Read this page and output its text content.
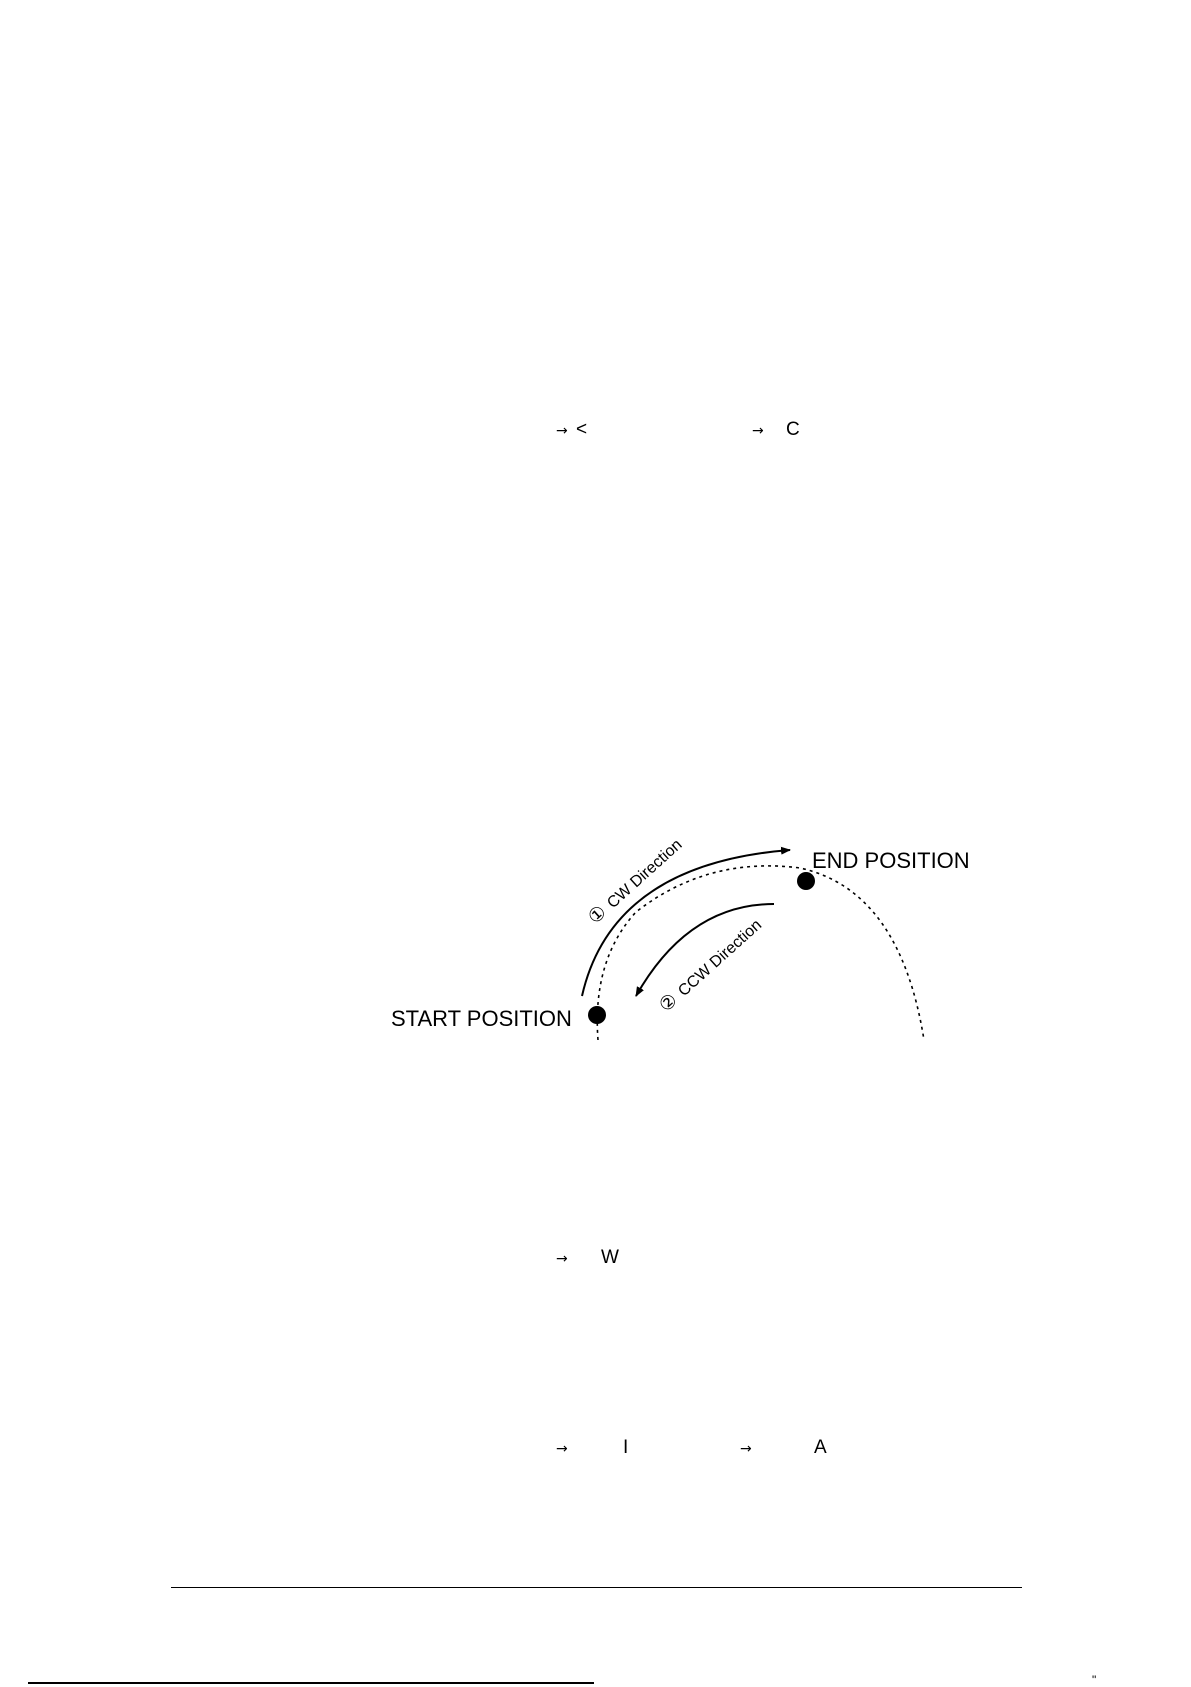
→ <	→ C
→ W
→	I	→	A
END POSITION
START POSITION
①
CW Direction
②
CCW Direction
"
